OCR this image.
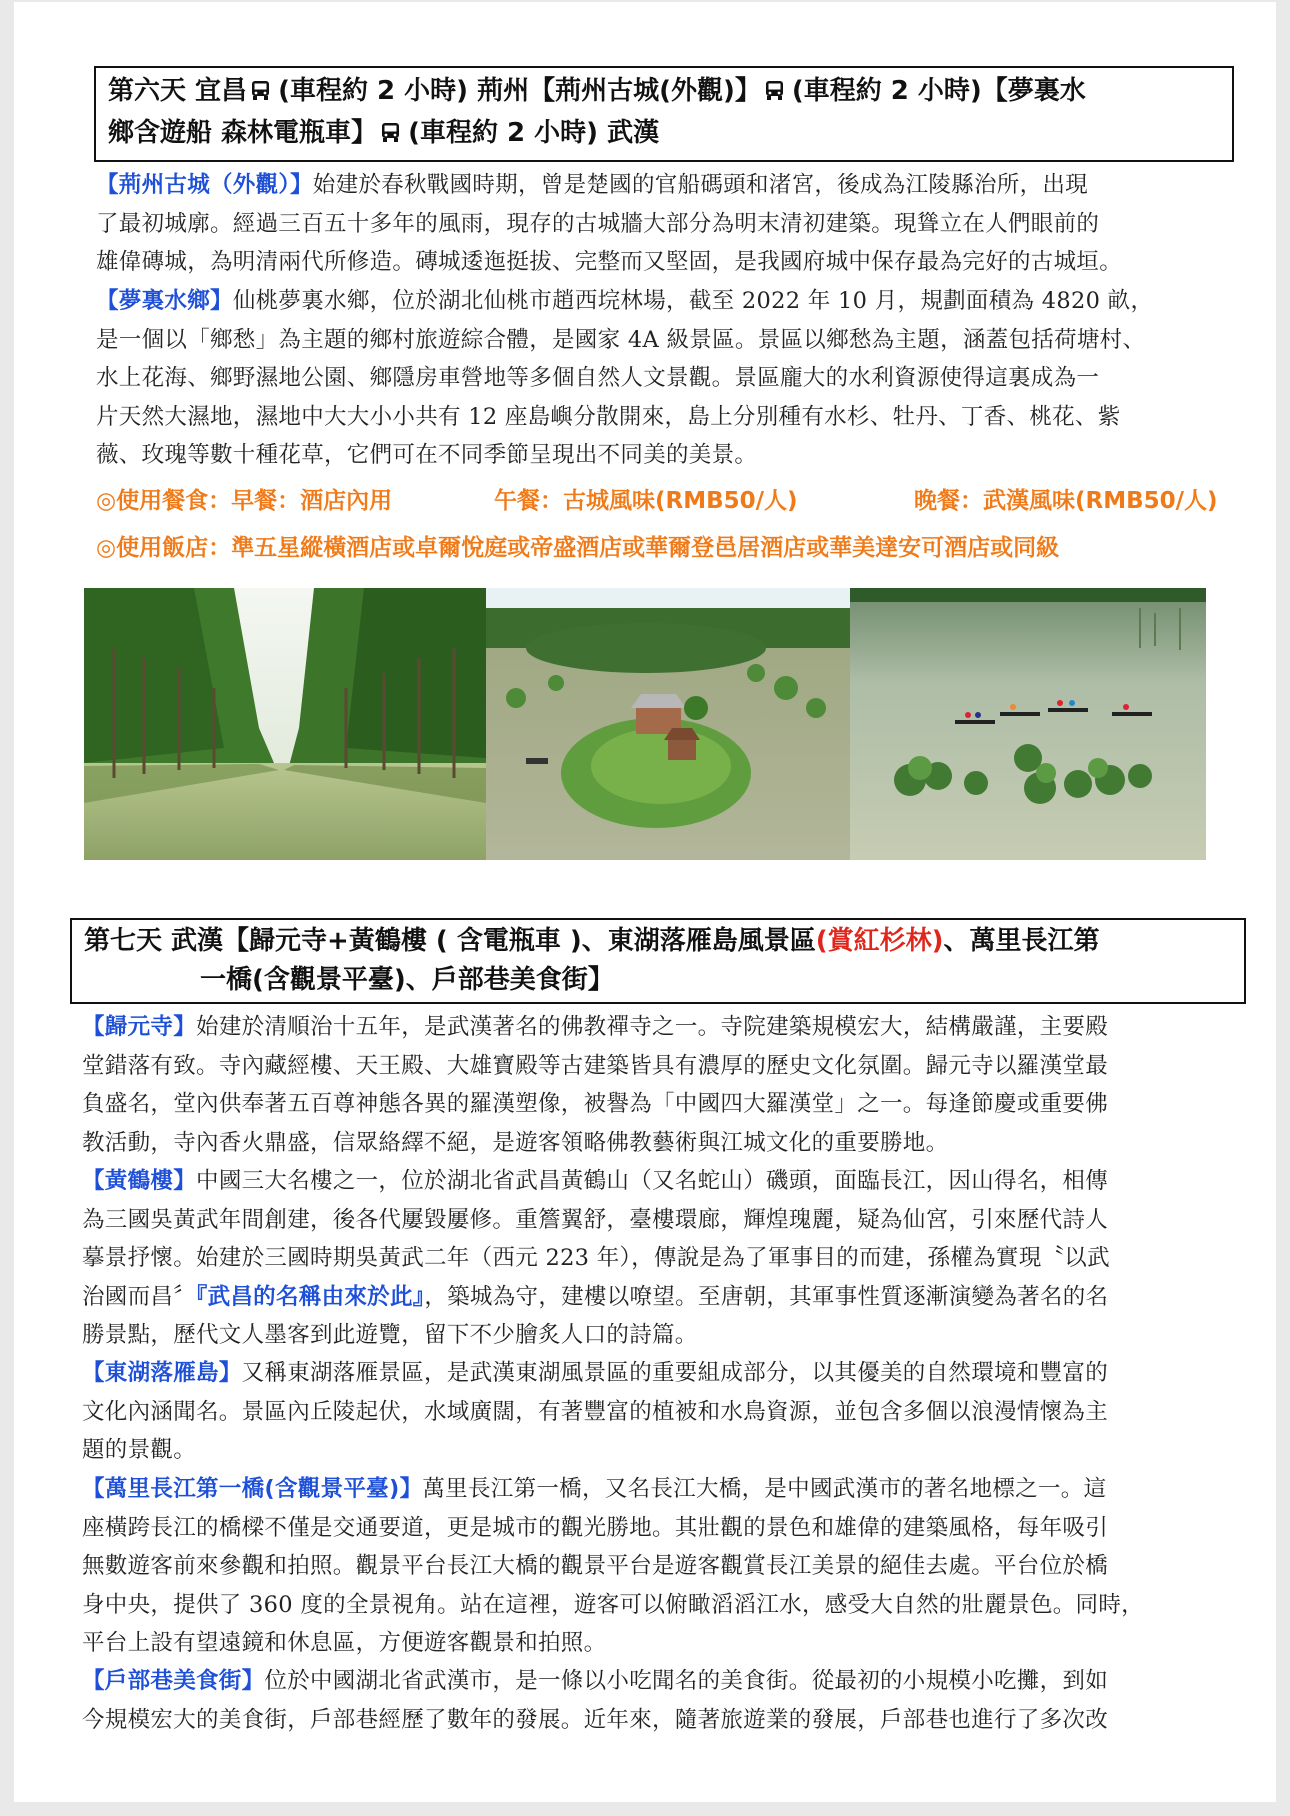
第六天 宜昌 (車程約 2 小時) 荊州【荊州古城(外觀)】 (車程約 2 小時)【夢裏水
鄉含遊船 森林電瓶車】 (車程約 2 小時) 武漢
【荊州古城（外觀）】始建於春秋戰國時期，曾是楚國的官船碼頭和渚宮，後成為江陵縣治所，出現
了最初城廓。經過三百五十多年的風雨，現存的古城牆大部分為明末清初建築。現聳立在人們眼前的
雄偉磚城，為明清兩代所修造。磚城逶迤挺拔、完整而又堅固，是我國府城中保存最為完好的古城垣。
【夢裏水鄉】仙桃夢裏水鄉，位於湖北仙桃市趙西垸林場，截至 2022 年 10 月，規劃面積為 4820 畝，
是一個以「鄉愁」為主題的鄉村旅遊綜合體，是國家 4A 級景區。景區以鄉愁為主題，涵蓋包括荷塘村、
水上花海、鄉野濕地公園、鄉隱房車營地等多個自然人文景觀。景區龐大的水利資源使得這裏成為一
片天然大濕地，濕地中大大小小共有 12 座島嶼分散開來，島上分別種有水杉、牡丹、丁香、桃花、紫
薇、玫瑰等數十種花草，它們可在不同季節呈現出不同美的美景。
◎使用餐食：早餐：酒店內用	午餐：古城風味(RMB50/人)	晚餐：武漢風味(RMB50/人)
◎使用飯店：準五星縱橫酒店或卓爾悅庭或帝盛酒店或華爾登邑居酒店或華美達安可酒店或同級
第七天 武漢【歸元寺+黃鶴樓 ( 含電瓶車 )、東湖落雁島風景區(賞紅杉林)、萬里長江第
一橋(含觀景平臺)、戶部巷美食街】
【歸元寺】始建於清順治十五年，是武漢著名的佛教禪寺之一。寺院建築規模宏大，結構嚴謹，主要殿
堂錯落有致。寺內藏經樓、天王殿、大雄寶殿等古建築皆具有濃厚的歷史文化氛圍。歸元寺以羅漢堂最
負盛名，堂內供奉著五百尊神態各異的羅漢塑像，被譽為「中國四大羅漢堂」之一。每逢節慶或重要佛
教活動，寺內香火鼎盛，信眾絡繹不絕，是遊客領略佛教藝術與江城文化的重要勝地。
【黃鶴樓】中國三大名樓之一，位於湖北省武昌黃鶴山（又名蛇山）磯頭，面臨長江，因山得名，相傳
為三國吳黃武年間創建，後各代屢毀屢修。重簷翼舒，臺樓環廊，輝煌瑰麗，疑為仙宮，引來歷代詩人
摹景抒懷。始建於三國時期吳黃武二年（西元 223 年），傳說是為了軍事目的而建，孫權為實現〝以武
治國而昌〞『武昌的名稱由來於此』，築城為守，建樓以嘹望。至唐朝，其軍事性質逐漸演變為著名的名
勝景點，歷代文人墨客到此遊覽，留下不少膾炙人口的詩篇。
【東湖落雁島】又稱東湖落雁景區，是武漢東湖風景區的重要組成部分，以其優美的自然環境和豐富的
文化內涵聞名。景區內丘陵起伏，水域廣闊，有著豐富的植被和水鳥資源，並包含多個以浪漫情懷為主
題的景觀。
【萬里長江第一橋(含觀景平臺)】萬里長江第一橋，又名長江大橋，是中國武漢市的著名地標之一。這
座橫跨長江的橋樑不僅是交通要道，更是城市的觀光勝地。其壯觀的景色和雄偉的建築風格，每年吸引
無數遊客前來參觀和拍照。觀景平台長江大橋的觀景平台是遊客觀賞長江美景的絕佳去處。平台位於橋
身中央，提供了 360 度的全景視角。站在這裡，遊客可以俯瞰滔滔江水，感受大自然的壯麗景色。同時，
平台上設有望遠鏡和休息區，方便遊客觀景和拍照。
【戶部巷美食街】位於中國湖北省武漢市，是一條以小吃聞名的美食街。從最初的小規模小吃攤，到如
今規模宏大的美食街，戶部巷經歷了數年的發展。近年來，隨著旅遊業的發展，戶部巷也進行了多次改
